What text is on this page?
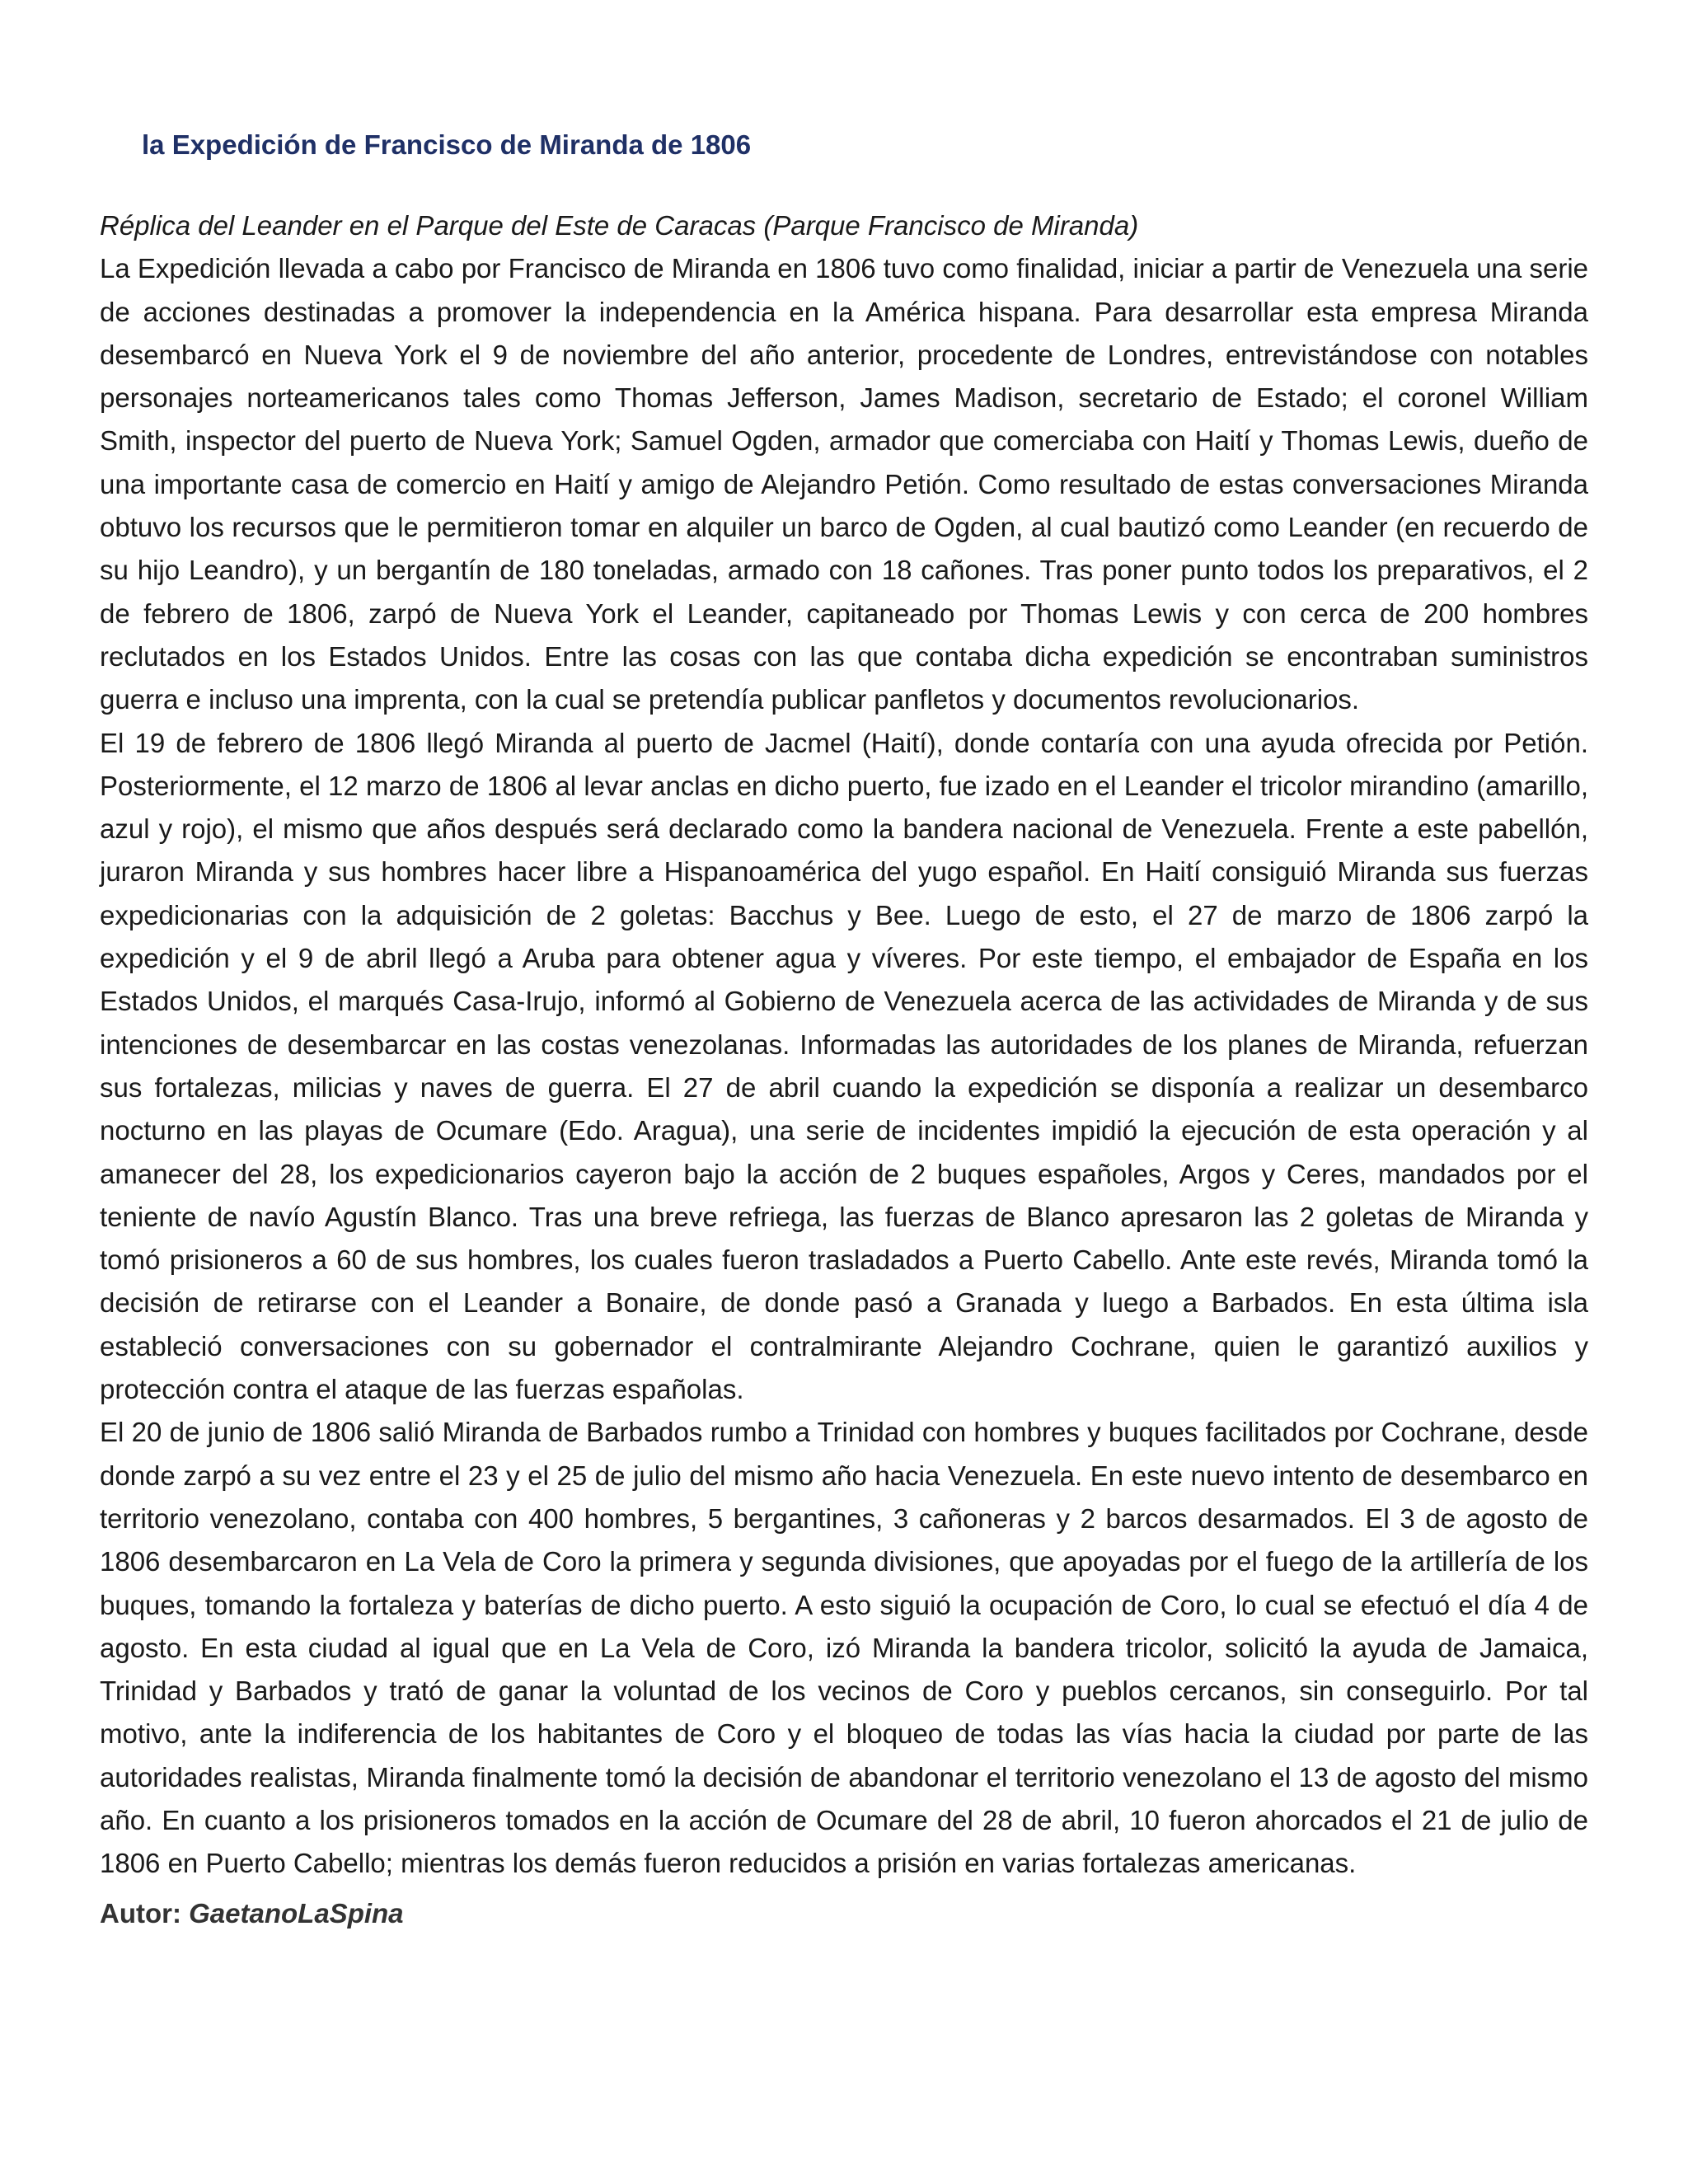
la Expedición de Francisco de Miranda de 1806

Réplica del Leander en el Parque del Este de Caracas (Parque Francisco de Miranda)

La Expedición llevada a cabo por Francisco de Miranda en 1806 tuvo como finalidad, iniciar a partir de Venezuela una serie de acciones destinadas a promover la independencia en la América hispana. Para desarrollar esta empresa Miranda desembarcó en Nueva York el 9 de noviembre del año anterior, procedente de Londres, entrevistándose con notables personajes norteamericanos tales como Thomas Jefferson, James Madison, secretario de Estado; el coronel William Smith, inspector del puerto de Nueva York; Samuel Ogden, armador que comerciaba con Haití y Thomas Lewis, dueño de una importante casa de comercio en Haití y amigo de Alejandro Petión. Como resultado de estas conversaciones Miranda obtuvo los recursos que le permitieron tomar en alquiler un barco de Ogden, al cual bautizó como Leander (en recuerdo de su hijo Leandro), y un bergantín de 180 toneladas, armado con 18 cañones. Tras poner punto todos los preparativos, el 2 de febrero de 1806, zarpó de Nueva York el Leander, capitaneado por Thomas Lewis y con cerca de 200 hombres reclutados en los Estados Unidos. Entre las cosas con las que contaba dicha expedición se encontraban suministros guerra e incluso una imprenta, con la cual se pretendía publicar panfletos y documentos revolucionarios.

El 19 de febrero de 1806 llegó Miranda al puerto de Jacmel (Haití), donde contaría con una ayuda ofrecida por Petión. Posteriormente, el 12 marzo de 1806 al levar anclas en dicho puerto, fue izado en el Leander el tricolor mirandino (amarillo, azul y rojo), el mismo que años después será declarado como la bandera nacional de Venezuela. Frente a este pabellón, juraron Miranda y sus hombres hacer libre a Hispanoamérica del yugo español. En Haití consiguió Miranda sus fuerzas expedicionarias con la adquisición de 2 goletas: Bacchus y Bee. Luego de esto, el 27 de marzo de 1806 zarpó la expedición y el 9 de abril llegó a Aruba para obtener agua y víveres. Por este tiempo, el embajador de España en los Estados Unidos, el marqués Casa-Irujo, informó al Gobierno de Venezuela acerca de las actividades de Miranda y de sus intenciones de desembarcar en las costas venezolanas. Informadas las autoridades de los planes de Miranda, refuerzan sus fortalezas, milicias y naves de guerra. El 27 de abril cuando la expedición se disponía a realizar un desembarco nocturno en las playas de Ocumare (Edo. Aragua), una serie de incidentes impidió la ejecución de esta operación y al amanecer del 28, los expedicionarios cayeron bajo la acción de 2 buques españoles, Argos y Ceres, mandados por el teniente de navío Agustín Blanco. Tras una breve refriega, las fuerzas de Blanco apresaron las 2 goletas de Miranda y tomó prisioneros a 60 de sus hombres, los cuales fueron trasladados a Puerto Cabello. Ante este revés, Miranda tomó la decisión de retirarse con el Leander a Bonaire, de donde pasó a Granada y luego a Barbados. En esta última isla estableció conversaciones con su gobernador el contralmirante Alejandro Cochrane, quien le garantizó auxilios y protección contra el ataque de las fuerzas españolas.

El 20 de junio de 1806 salió Miranda de Barbados rumbo a Trinidad con hombres y buques facilitados por Cochrane, desde donde zarpó a su vez entre el 23 y el 25 de julio del mismo año hacia Venezuela. En este nuevo intento de desembarco en territorio venezolano, contaba con 400 hombres, 5 bergantines, 3 cañoneras y 2 barcos desarmados. El 3 de agosto de 1806 desembarcaron en La Vela de Coro la primera y segunda divisiones, que apoyadas por el fuego de la artillería de los buques, tomando la fortaleza y baterías de dicho puerto. A esto siguió la ocupación de Coro, lo cual se efectuó el día 4 de agosto. En esta ciudad al igual que en La Vela de Coro, izó Miranda la bandera tricolor, solicitó la ayuda de Jamaica, Trinidad y Barbados y trató de ganar la voluntad de los vecinos de Coro y pueblos cercanos, sin conseguirlo. Por tal motivo, ante la indiferencia de los habitantes de Coro y el bloqueo de todas las vías hacia la ciudad por parte de las autoridades realistas, Miranda finalmente tomó la decisión de abandonar el territorio venezolano el 13 de agosto del mismo año. En cuanto a los prisioneros tomados en la acción de Ocumare del 28 de abril, 10 fueron ahorcados el 21 de julio de 1806 en Puerto Cabello; mientras los demás fueron reducidos a prisión en varias fortalezas americanas.

Autor: GaetanoLaSpina
